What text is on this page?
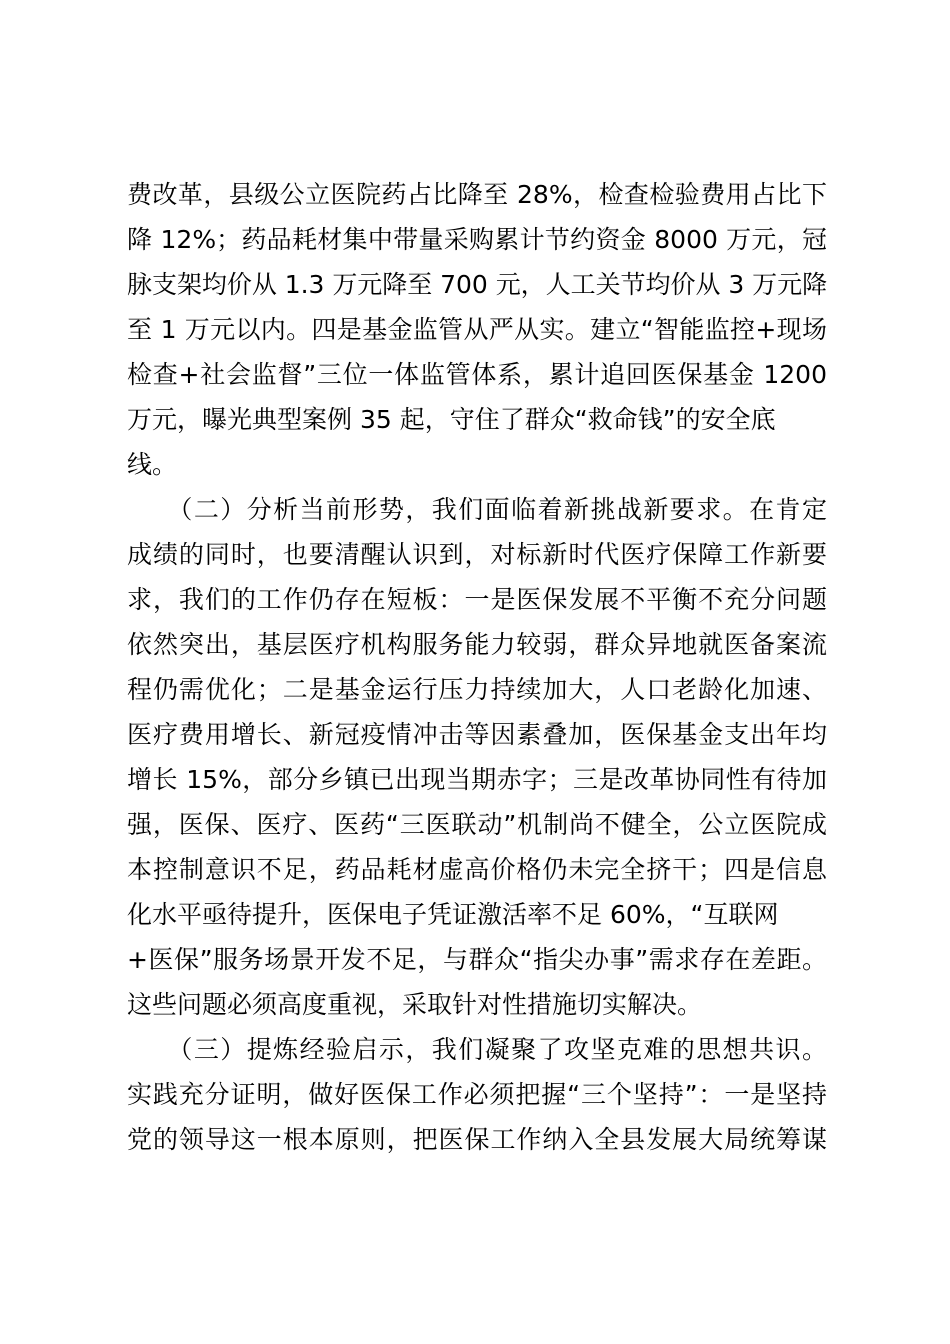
费改革，县级公立医院药占比降至 28%，检查检验费用占比下
降 12%；药品耗材集中带量采购累计节约资金 8000 万元，冠
脉支架均价从 1.3 万元降至 700 元，人工关节均价从 3 万元降
至 1 万元以内。四是基金监管从严从实。建立“智能监控+现场
检查+社会监督”三位一体监管体系，累计追回医保基金 1200
万元，曝光典型案例 35 起，守住了群众“救命钱”的安全底
线。
　　（二）分析当前形势，我们面临着新挑战新要求。在肯定
成绩的同时，也要清醒认识到，对标新时代医疗保障工作新要
求，我们的工作仍存在短板：一是医保发展不平衡不充分问题
依然突出，基层医疗机构服务能力较弱，群众异地就医备案流
程仍需优化；二是基金运行压力持续加大，人口老龄化加速、
医疗费用增长、新冠疫情冲击等因素叠加，医保基金支出年均
增长 15%，部分乡镇已出现当期赤字；三是改革协同性有待加
强，医保、医疗、医药“三医联动”机制尚不健全，公立医院成
本控制意识不足，药品耗材虚高价格仍未完全挤干；四是信息
化水平亟待提升，医保电子凭证激活率不足 60%，“互联网
+医保”服务场景开发不足，与群众“指尖办事”需求存在差距。
这些问题必须高度重视，采取针对性措施切实解决。
　　（三）提炼经验启示，我们凝聚了攻坚克难的思想共识。
实践充分证明，做好医保工作必须把握“三个坚持”：一是坚持
党的领导这一根本原则，把医保工作纳入全县发展大局统筹谋
